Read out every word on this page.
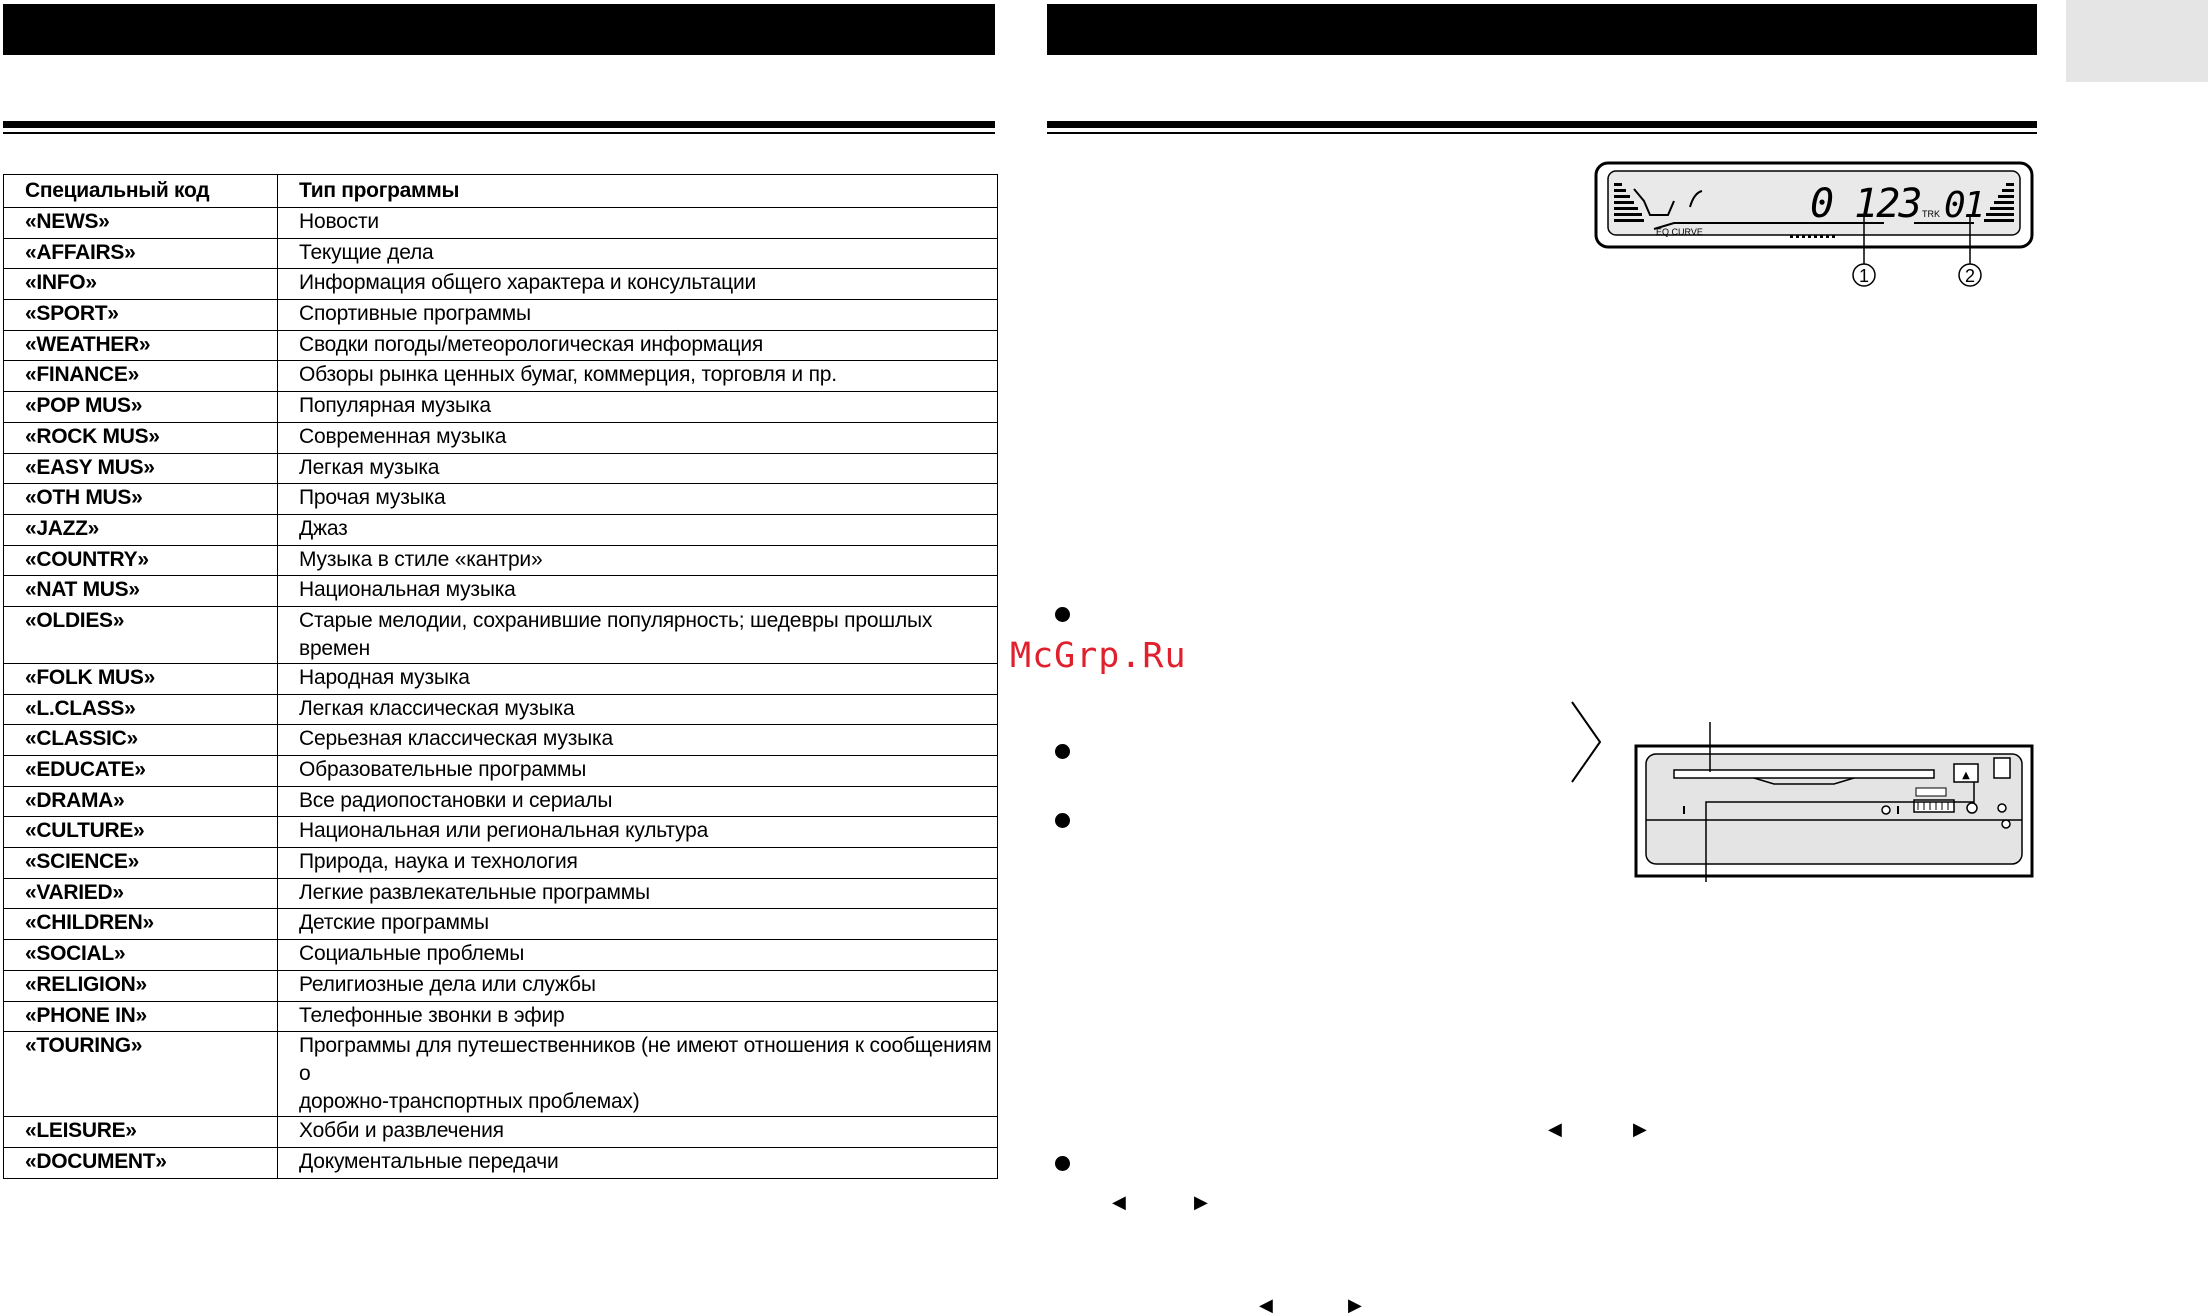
Специальный код	Тип программы
«NEWS»	Новости
«AFFAIRS»	Текущие дела
«INFO»	Информация общего характера и консультации
«SPORT»	Спортивные программы
«WEATHER»	Сводки погоды/метеорологическая информация
«FINANCE»	Обзоры рынка ценных бумаг, коммерция, торговля и пр.
«POP MUS»	Популярная музыка
«ROCK MUS»	Современная музыка
«EASY MUS»	Легкая музыка
«OTH MUS»	Прочая музыка
«JAZZ»	Джаз
«COUNTRY»	Музыка в стиле «кантри»
«NAT MUS»	Национальная музыка
«OLDIES»	Старые мелодии, сохранившие популярность; шедевры прошлых времен
«FOLK MUS»	Народная музыка
«L.CLASS»	Легкая классическая музыка
«CLASSIC»	Серьезная классическая музыка
«EDUCATE»	Образовательные программы
«DRAMA»	Все радиопостановки и сериалы
«CULTURE»	Национальная или региональная культура
«SCIENCE»	Природа, наука и технология
«VARIED»	Легкие развлекательные программы
«CHILDREN»	Детские программы
«SOCIAL»	Социальные проблемы
«RELIGION»	Религиозные дела или службы
«PHONE IN»	Телефонные звонки в эфир
«TOURING»	Программы для путешественников (не имеют отношения к сообщениям о
дорожно-транспортных проблемах)

«LEISURE»	Хобби и развлечения
«DOCUMENT»	Документальные передачи
McGrp.Ru
EQ CURVE
0 123 TRK 01
1	2
▲
◀	▶
◀	▶
◀	▶
